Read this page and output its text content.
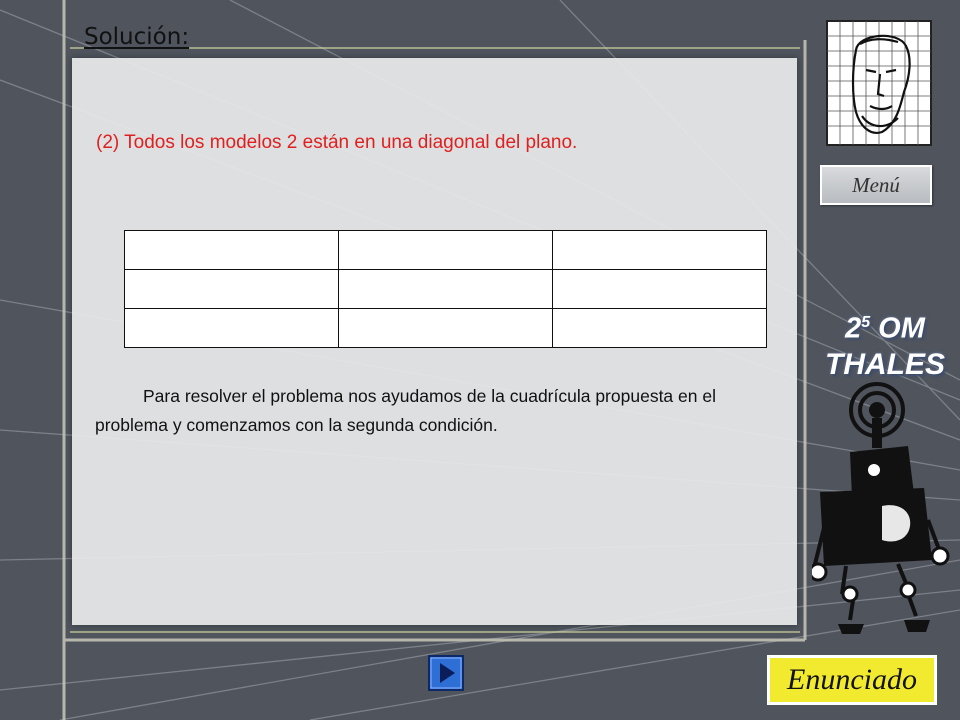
Solución:
(2) Todos los modelos 2 están en una diagonal del plano.

Para resolver el problema nos ayudamos de la cuadrícula propuesta en el problema y comenzamos con la segunda condición.
Menú
$2^5$ OM
THALES
Enunciado
